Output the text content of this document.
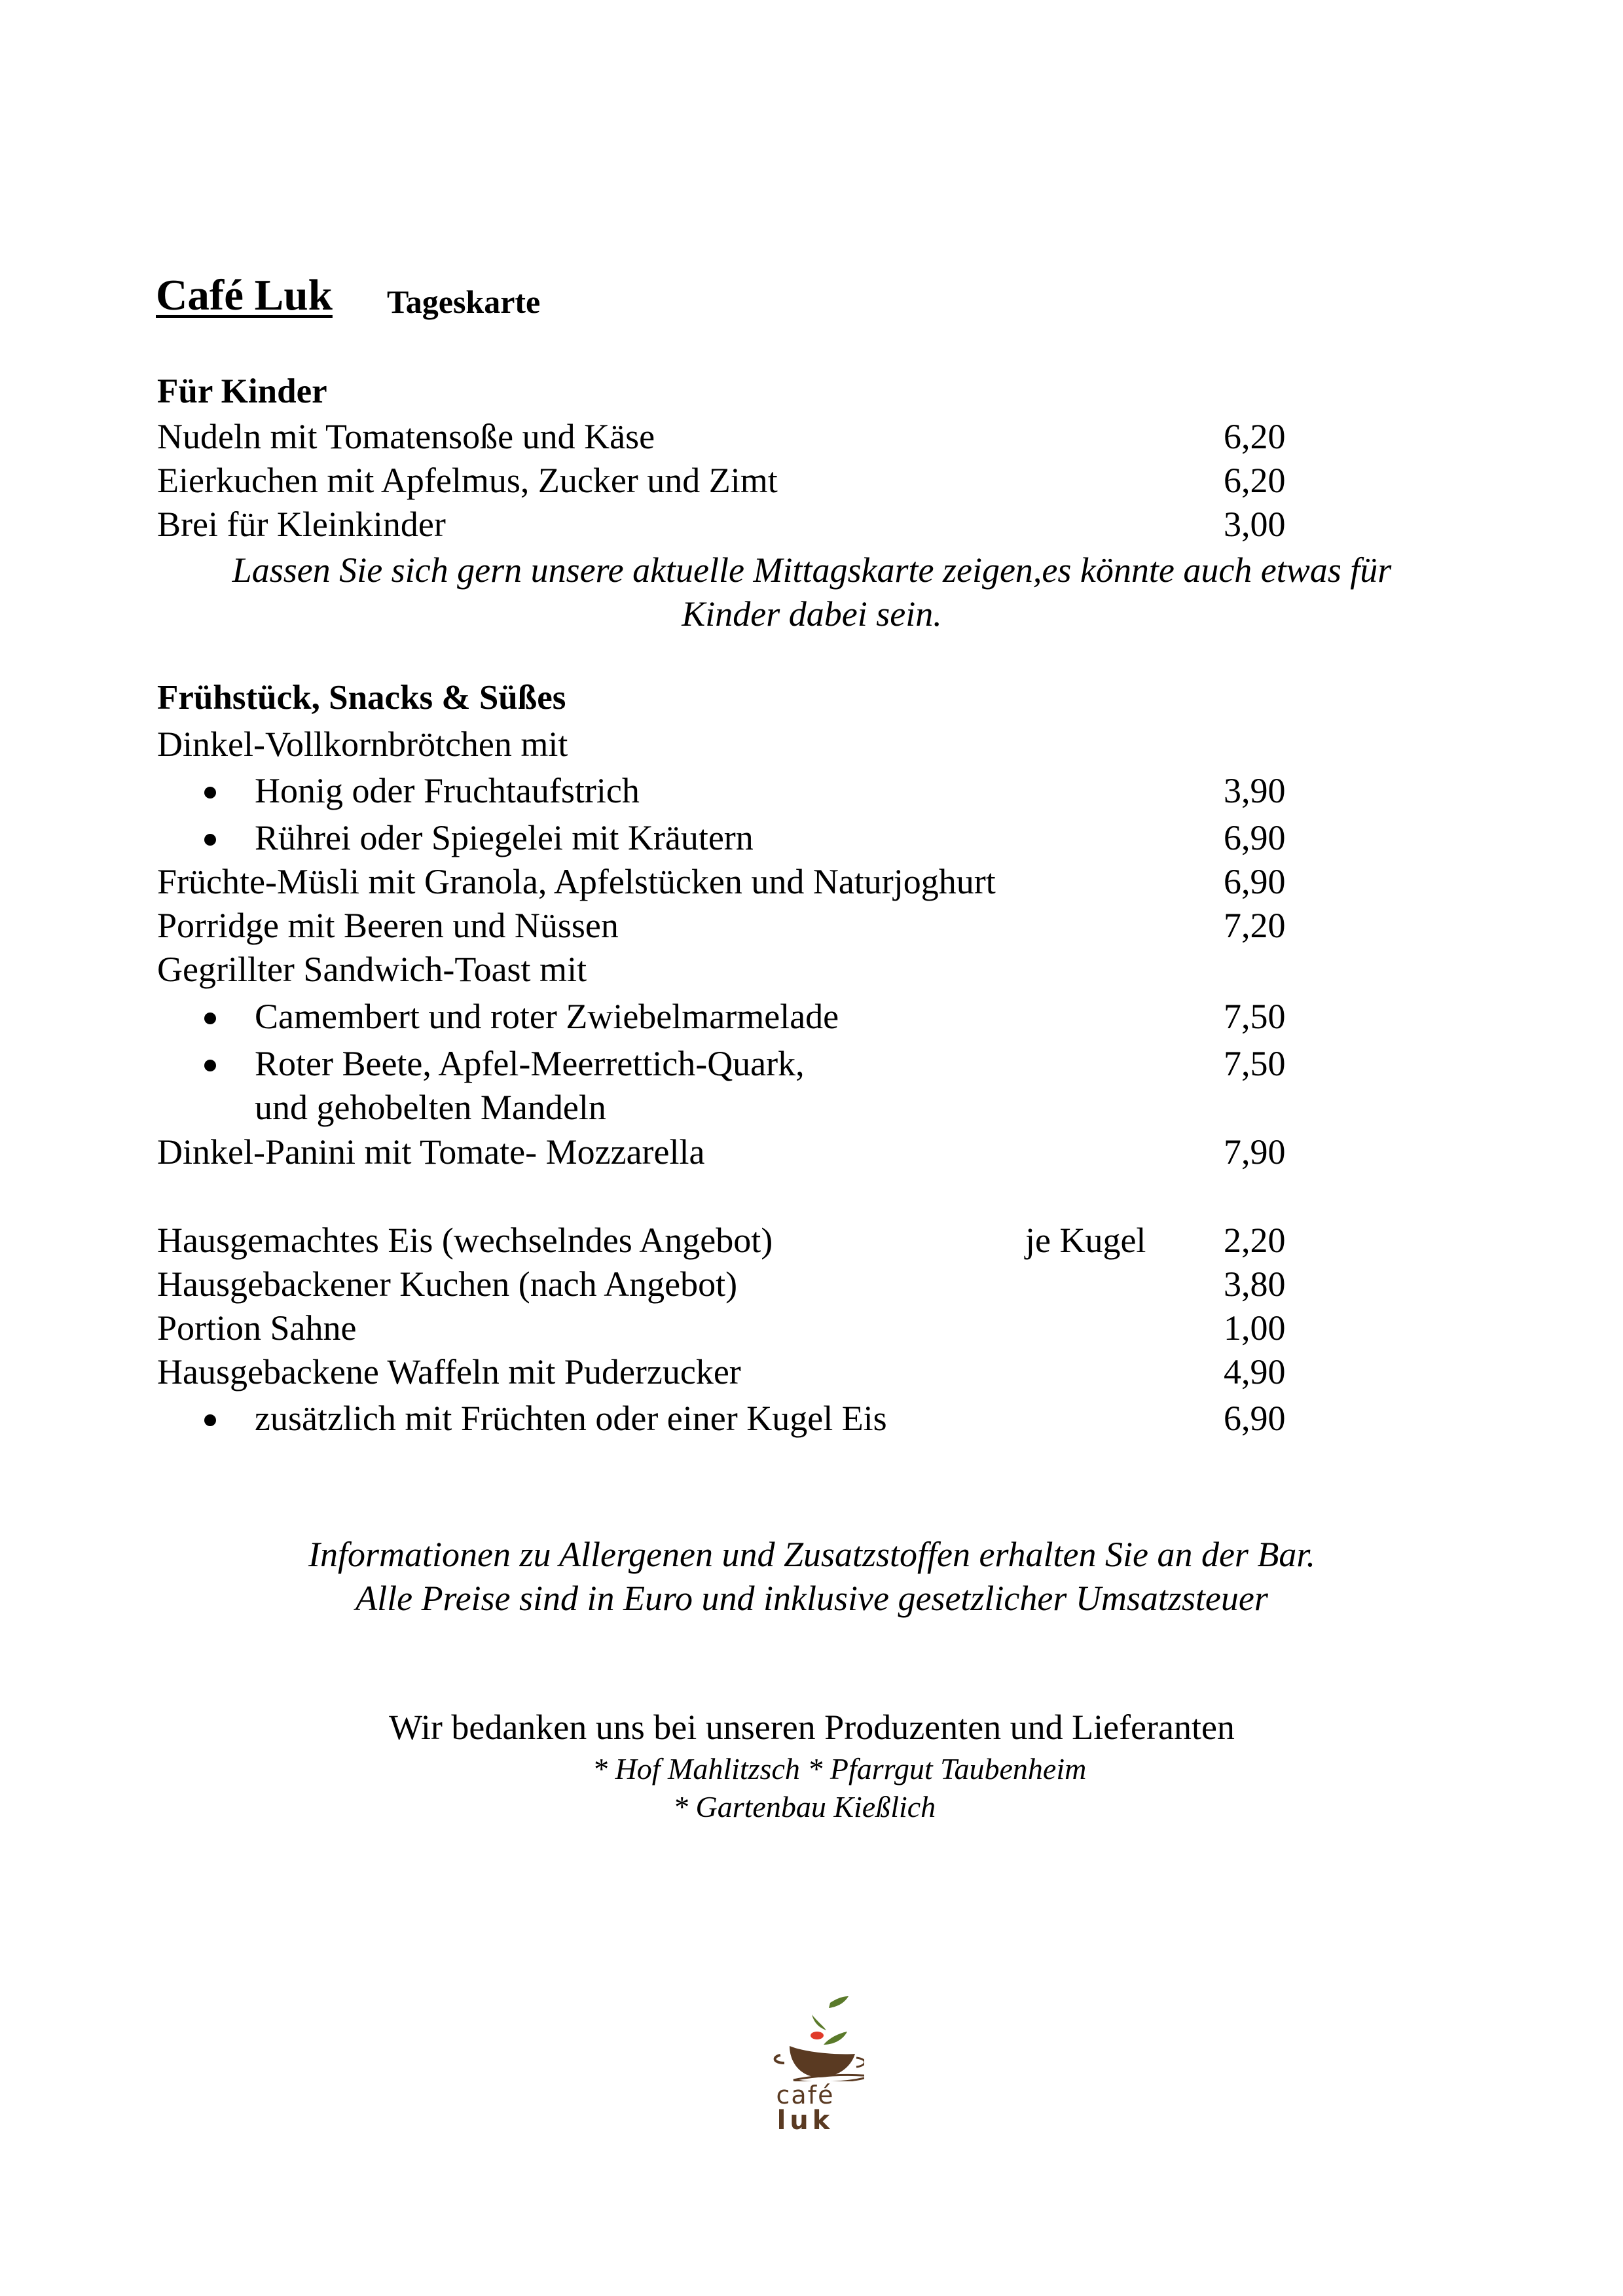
Café Luk Tageskarte
Für Kinder
Nudeln mit Tomatensoße und Käse	6,20
Eierkuchen mit Apfelmus, Zucker und Zimt	6,20
Brei für Kleinkinder	3,00
Lassen Sie sich gern unsere aktuelle Mittagskarte zeigen,es könnte auch etwas für
Kinder dabei sein.
Frühstück, Snacks & Süßes
Dinkel-Vollkornbrötchen mit
Honig oder Fruchtaufstrich	3,90
Rührei oder Spiegelei mit Kräutern	6,90
Früchte-Müsli mit Granola, Apfelstücken und Naturjoghurt	6,90
Porridge mit Beeren und Nüssen	7,20
Gegrillter Sandwich-Toast mit
Camembert und roter Zwiebelmarmelade	7,50
Roter Beete, Apfel-Meerrettich-Quark,	7,50
und gehobelten Mandeln
Dinkel-Panini mit Tomate- Mozzarella	7,90
Hausgemachtes Eis (wechselndes Angebot)	je Kugel 2,20
Hausgebackener Kuchen (nach Angebot)	3,80
Portion Sahne	1,00
Hausgebackene Waffeln mit Puderzucker	4,90
zusätzlich mit Früchten oder einer Kugel Eis	6,90
Informationen zu Allergenen und Zusatzstoffen erhalten Sie an der Bar.
Alle Preise sind in Euro und inklusive gesetzlicher Umsatzsteuer
Wir bedanken uns bei unseren Produzenten und Lieferanten
* Hof Mahlitzsch * Pfarrgut Taubenheim
* Gartenbau Kießlich
café
luk
